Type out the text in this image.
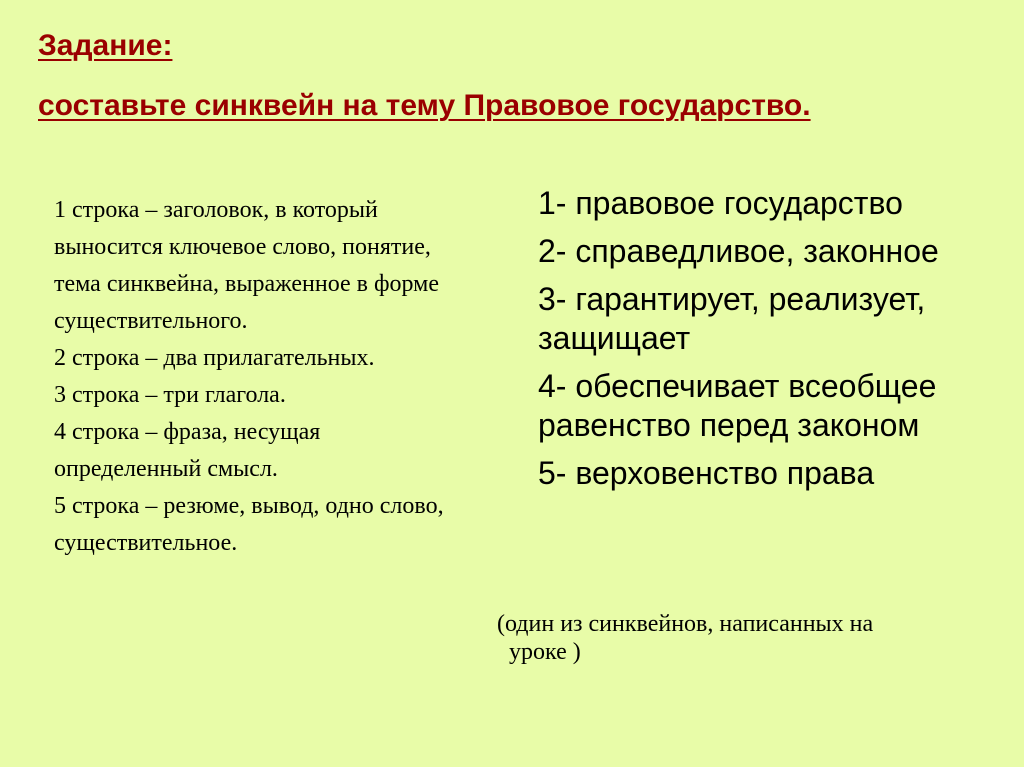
Задание:
составьте синквейн на тему Правовое государство.
1 строка – заголовок, в который выносится ключевое слово, понятие, тема синквейна, выраженное в форме существительного.
2 строка – два прилагательных.
3 строка – три глагола.
4 строка – фраза, несущая определенный смысл.
5 строка – резюме, вывод, одно слово, существительное.
1- правовое государство
2- справедливое, законное
3- гарантирует, реализует, защищает
4- обеспечивает всеобщее равенство перед законом
5- верховенство права

(один из синквейнов, написанных на
уроке )
